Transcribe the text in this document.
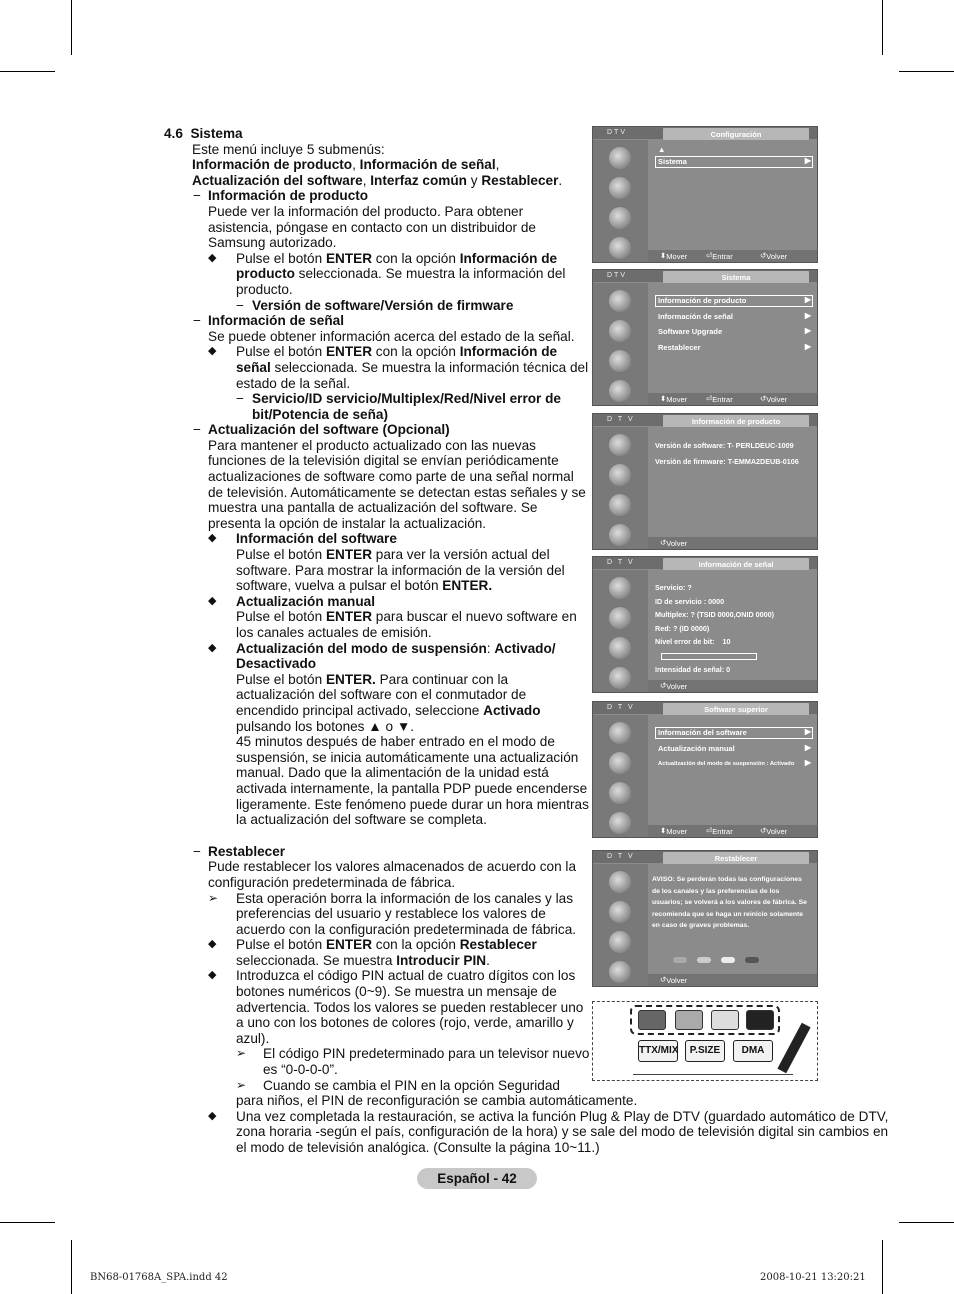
4.6 Sistema

Este menú incluye 5 submenús:
Información de producto, Información de señal,
Actualización del software, Interfaz común y Restablecer.

− Información de producto

Puede ver la información del producto. Para obtener asistencia, póngase en contacto con un distribuidor de Samsung autorizado.

◆ Pulse el botón ENTER con la opción Información de producto seleccionada. Se muestra la información del producto.

− Versión de software/Versión de firmware

− Información de señal

Se puede obtener información acerca del estado de la señal.

◆ Pulse el botón ENTER con la opción Información de señal seleccionada. Se muestra la información técnica del estado de la señal.

− Servicio/ID servicio/Multiplex/Red/Nivel error de bit/Potencia de seña)

− Actualización del software (Opcional)

Para mantener el producto actualizado con las nuevas funciones de la televisión digital se envían periódicamente actualizaciones de software como parte de una señal normal de televisión. Automáticamente se detectan estas señales y se muestra una pantalla de actualización del software. Se presenta la opción de instalar la actualización.

◆ Información del software
Pulse el botón ENTER para ver la versión actual del software. Para mostrar la información de la versión del software, vuelva a pulsar el botón ENTER.

◆ Actualización manual
Pulse el botón ENTER para buscar el nuevo software en los canales actuales de emisión.

◆ Actualización del modo de suspensión: Activado/ Desactivado
Pulse el botón ENTER. Para continuar con la actualización del software con el conmutador de encendido principal activado, seleccione Activado pulsando los botones ▲ o ▼.
45 minutos después de haber entrado en el modo de suspensión, se inicia automáticamente una actualización manual. Dado que la alimentación de la unidad está activada internamente, la pantalla PDP puede encenderse ligeramente. Este fenómeno puede durar un hora mientras la actualización del software se completa.

− Restablecer

Pude restablecer los valores almacenados de acuerdo con la configuración predeterminada de fábrica.

➢ Esta operación borra la información de los canales y las preferencias del usuario y restablece los valores de acuerdo con la configuración predeterminada de fábrica.

◆ Pulse el botón ENTER con la opción Restablecer seleccionada. Se muestra Introducir PIN.

◆ Introduzca el código PIN actual de cuatro dígitos con los botones numéricos (0~9). Se muestra un mensaje de advertencia. Todos los valores se pueden restablecer uno a uno con los botones de colores (rojo, verde, amarillo y azul).

➢ El código PIN predeterminado para un televisor nuevo es “0-0-0-0”.

➢ Cuando se cambia el PIN en la opción Seguridad
para niños, el PIN de reconfiguración se cambia automáticamente.

◆ Una vez completada la restauración, se activa la función Plug & Play de DTV (guardado automático de DTV, zona horaria -según el país, configuración de la hora) y se sale del modo de televisión digital sin cambios en el modo de televisión analógica. (Consulte la página 10~11.)

DTV	Configuración
▲
Sistema	▶
⬍ Mover	⏎ Entrar	↺ Volver
DTV	Sistema
Información de producto	▶
Información de señal	▶
Software Upgrade	▶
Restablecer	▶
⬍ Mover	⏎ Entrar	↺ Volver
D T V	Información de producto
Versión de software: T- PERLDEUC-1009
Versión de firmware: T-EMMA2DEUB-0106
↺ Volver
D T V	Información de señal
Servicio: ?
ID de servicio : 0000
Multiplex: ? (TSID 0000,ONID 0000)
Red: ? (ID 0000)
Nivel error de bit: 10
Intensidad de señal: 0
↺ Volver
D T V	Software superior
Información del software	▶
Actualización manual	▶
Actualización del modo de suspensión : Activado ▶
⬍ Mover	⏎ Entrar	↺ Volver
D T V	Restablecer
AVISO: Se perderán todas las configuraciones de los canales y las preferencias de los usuarios; se volverá a los valores de fábrica. Se recomienda que se haga un reinicio solamente en caso de graves problemas.
↺ Volver
TTX/MIX	P.SIZE	DMA
Español - 42
BN68-01768A_SPA.indd 42	2008-10-21 13:20:21
